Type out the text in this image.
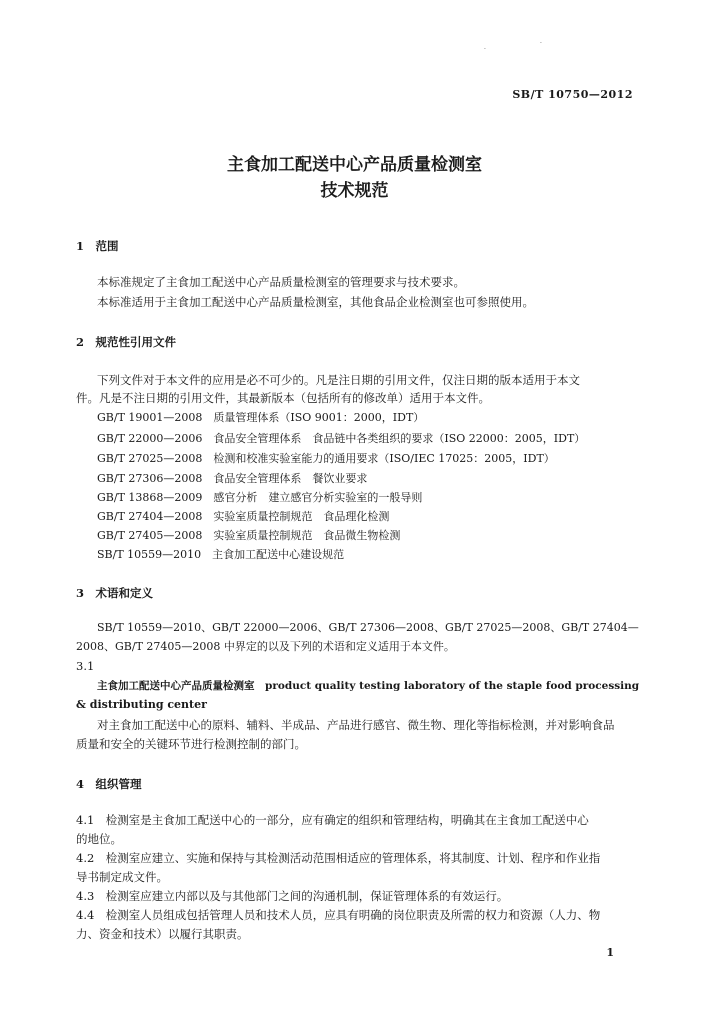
·
·
SB/T 10750—2012
主食加工配送中心产品质量检测室
技术规范
1　范围
本标准规定了主食加工配送中心产品质量检测室的管理要求与技术要求。
本标准适用于主食加工配送中心产品质量检测室，其他食品企业检测室也可参照使用。
2　规范性引用文件
下列文件对于本文件的应用是必不可少的。凡是注日期的引用文件，仅注日期的版本适用于本文
件。凡是不注日期的引用文件，其最新版本（包括所有的修改单）适用于本文件。
GB/T 19001—2008　质量管理体系（ISO 9001：2000，IDT）
GB/T 22000—2006　食品安全管理体系　食品链中各类组织的要求（ISO 22000：2005，IDT）
GB/T 27025—2008　检测和校准实验室能力的通用要求（ISO/IEC 17025：2005，IDT）
GB/T 27306—2008　食品安全管理体系　餐饮业要求
GB/T 13868—2009　感官分析　建立感官分析实验室的一般导则
GB/T 27404—2008　实验室质量控制规范　食品理化检测
GB/T 27405—2008　实验室质量控制规范　食品微生物检测
SB/T 10559—2010　主食加工配送中心建设规范
3　术语和定义
SB/T 10559—2010、GB/T 22000—2006、GB/T 27306—2008、GB/T 27025—2008、GB/T 27404—
2008、GB/T 27405—2008 中界定的以及下列的术语和定义适用于本文件。
3.1
主食加工配送中心产品质量检测室　product quality testing laboratory of the staple food processing
& distributing center
对主食加工配送中心的原料、辅料、半成品、产品进行感官、微生物、理化等指标检测，并对影响食品
质量和安全的关键环节进行检测控制的部门。
4　组织管理
4.1　检测室是主食加工配送中心的一部分，应有确定的组织和管理结构，明确其在主食加工配送中心
的地位。
4.2　检测室应建立、实施和保持与其检测活动范围相适应的管理体系，将其制度、计划、程序和作业指
导书制定成文件。
4.3　检测室应建立内部以及与其他部门之间的沟通机制，保证管理体系的有效运行。
4.4　检测室人员组成包括管理人员和技术人员，应具有明确的岗位职责及所需的权力和资源（人力、物
力、资金和技术）以履行其职责。
1
